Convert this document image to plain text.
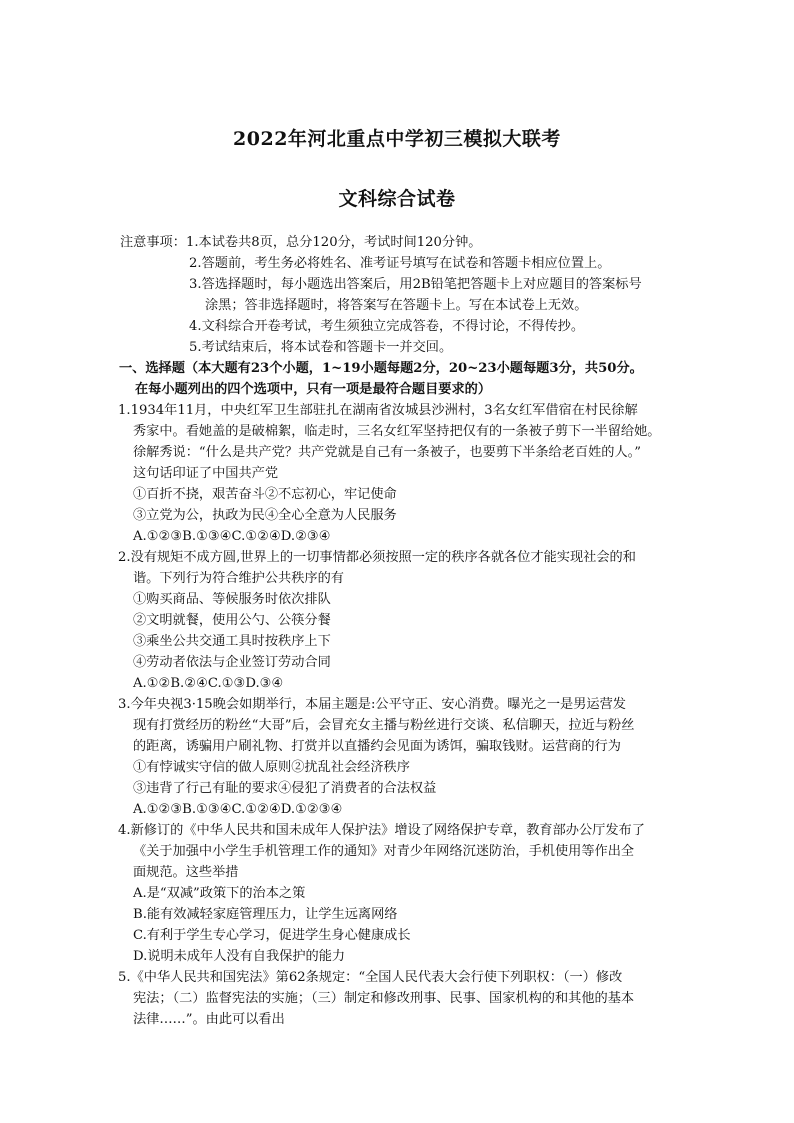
2022年河北重点中学初三模拟大联考
文科综合试卷
注意事项：1.本试卷共8页，总分120分，考试时间120分钟。
2.答题前，考生务必将姓名、准考证号填写在试卷和答题卡相应位置上。
3.答选择题时，每小题选出答案后，用2B铅笔把答题卡上对应题目的答案标号
涂黑；答非选择题时，将答案写在答题卡上。写在本试卷上无效。
4.文科综合开卷考试，考生须独立完成答卷，不得讨论，不得传抄。
5.考试结束后，将本试卷和答题卡一并交回。
一、选择题（本大题有23个小题，1~19小题每题2分，20~23小题每题3分，共50分。
在每小题列出的四个选项中，只有一项是最符合题目要求的）
1.1934年11月，中央红军卫生部驻扎在湖南省汝城县沙洲村，3名女红军借宿在村民徐解
秀家中。看她盖的是破棉絮，临走时，三名女红军坚持把仅有的一条被子剪下一半留给她。
徐解秀说：“什么是共产党？共产党就是自己有一条被子，也要剪下半条给老百姓的人。”
这句话印证了中国共产党
①百折不挠，艰苦奋斗②不忘初心，牢记使命
③立党为公，执政为民④全心全意为人民服务
A.①②③B.①③④C.①②④D.②③④
2.没有规矩不成方圆,世界上的一切事情都必须按照一定的秩序各就各位才能实现社会的和
谐。下列行为符合维护公共秩序的有
①购买商品、等候服务时依次排队
②文明就餐，使用公勺、公筷分餐
③乘坐公共交通工具时按秩序上下
④劳动者依法与企业签订劳动合同
A.①②B.②④C.①③D.③④
3.今年央视3·15晚会如期举行，本届主题是:公平守正、安心消费。曝光之一是男运营发
现有打赏经历的粉丝“大哥”后，会冒充女主播与粉丝进行交谈、私信聊天，拉近与粉丝
的距离，诱骗用户刷礼物、打赏并以直播约会见面为诱饵，骗取钱财。运营商的行为
①有悖诚实守信的做人原则②扰乱社会经济秩序
③违背了行己有耻的要求④侵犯了消费者的合法权益
A.①②③B.①③④C.①②④D.①②③④
4.新修订的《中华人民共和国未成年人保护法》增设了网络保护专章，教育部办公厅发布了
《关于加强中小学生手机管理工作的通知》对青少年网络沉迷防治，手机使用等作出全
面规范。这些举措
A.是“双减”政策下的治本之策
B.能有效减轻家庭管理压力，让学生远离网络
C.有利于学生专心学习，促进学生身心健康成长
D.说明未成年人没有自我保护的能力
5.《中华人民共和国宪法》第62条规定：“全国人民代表大会行使下列职权：（一）修改
宪法；（二）监督宪法的实施；（三）制定和修改刑事、民事、国家机构的和其他的基本
法律……”。由此可以看出
